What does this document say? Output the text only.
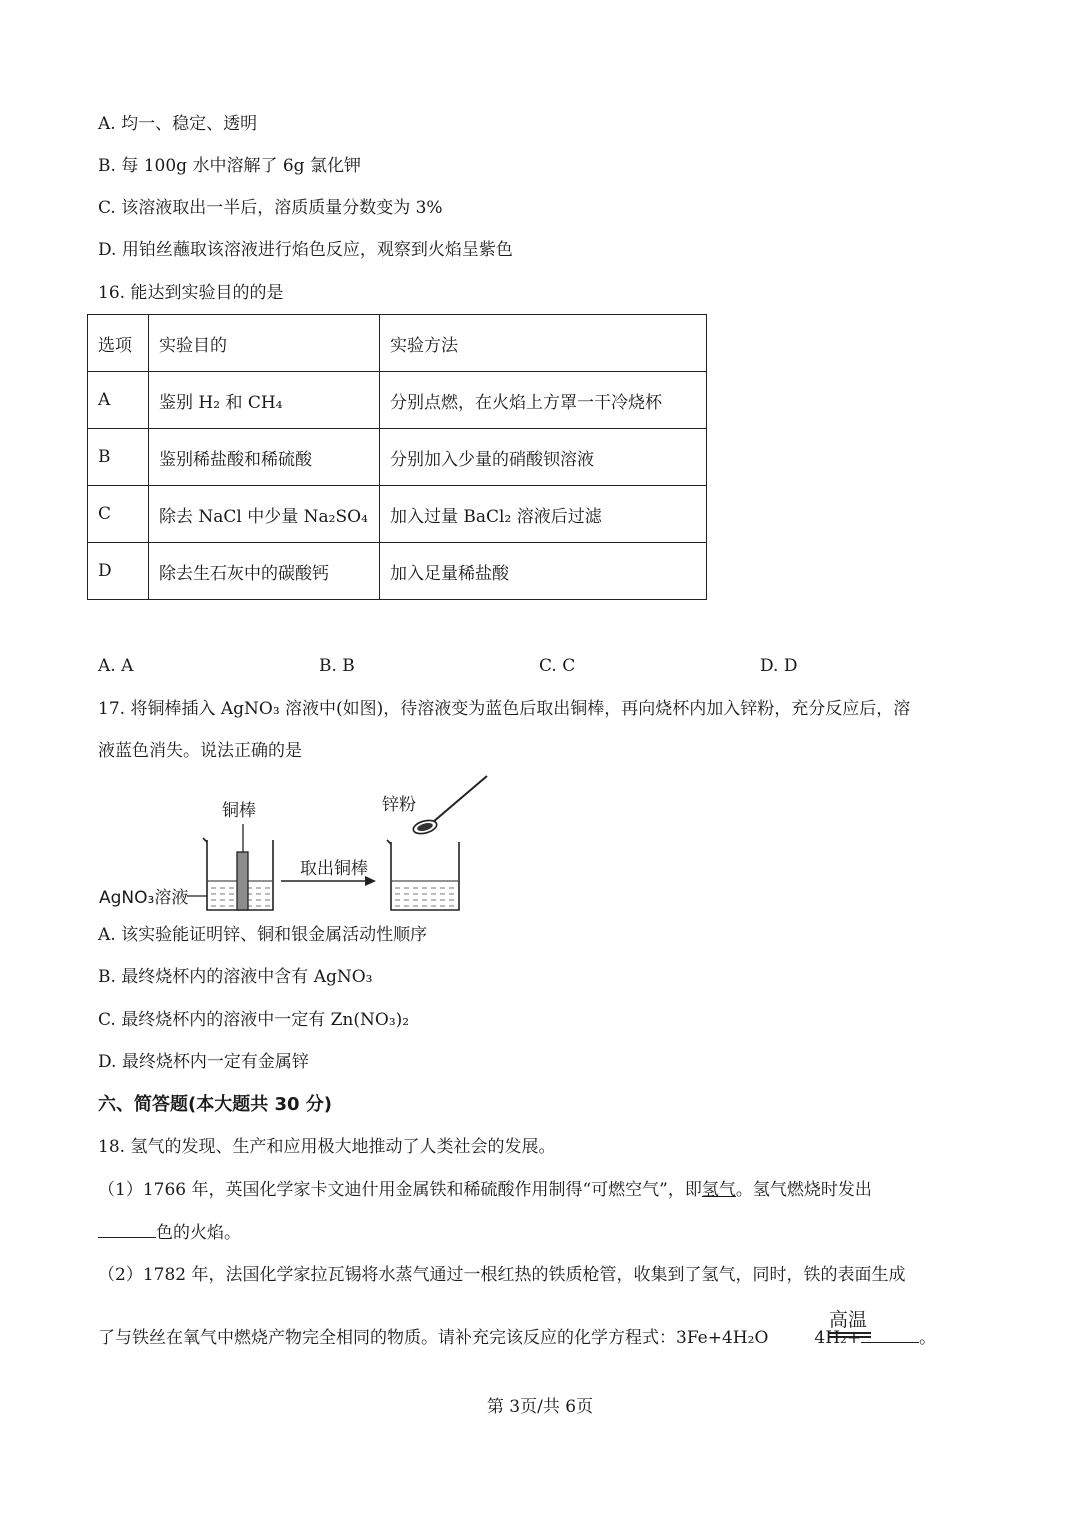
A. 均一、稳定、透明
B. 每 100g 水中溶解了 6g 氯化钾
C. 该溶液取出一半后，溶质质量分数变为 3%
D. 用铂丝蘸取该溶液进行焰色反应，观察到火焰呈紫色
16. 能达到实验目的的是
选项	实验目的	实验方法
A	鉴别 H₂ 和 CH₄	分别点燃，在火焰上方罩一干冷烧杯
B	鉴别稀盐酸和稀硫酸	分别加入少量的硝酸钡溶液
C	除去 NaCl 中少量 Na₂SO₄	加入过量 BaCl₂ 溶液后过滤
D	除去生石灰中的碳酸钙	加入足量稀盐酸
A. A	B. B	C. C	D. D
17. 将铜棒插入 AgNO₃ 溶液中(如图)，待溶液变为蓝色后取出铜棒，再向烧杯内加入锌粉，充分反应后，溶
液蓝色消失。说法正确的是
铜棒
AgNO₃溶液
取出铜棒
锌粉
A. 该实验能证明锌、铜和银金属活动性顺序
B. 最终烧杯内的溶液中含有 AgNO₃
C. 最终烧杯内的溶液中一定有 Zn(NO₃)₂
D. 最终烧杯内一定有金属锌
六、简答题(本大题共 30 分)
18. 氢气的发现、生产和应用极大地推动了人类社会的发展。
（1）1766 年，英国化学家卡文迪什用金属铁和稀硫酸作用制得“可燃空气”，即氢气。氢气燃烧时发出
色的火焰。
（2）1782 年，法国化学家拉瓦锡将水蒸气通过一根红热的铁质枪管，收集到了氢气，同时，铁的表面生成
高温
了与铁丝在氧气中燃烧产物完全相同的物质。请补充完该反应的化学方程式：3Fe+4H₂O	4H₂+	。
第 3页/共 6页
